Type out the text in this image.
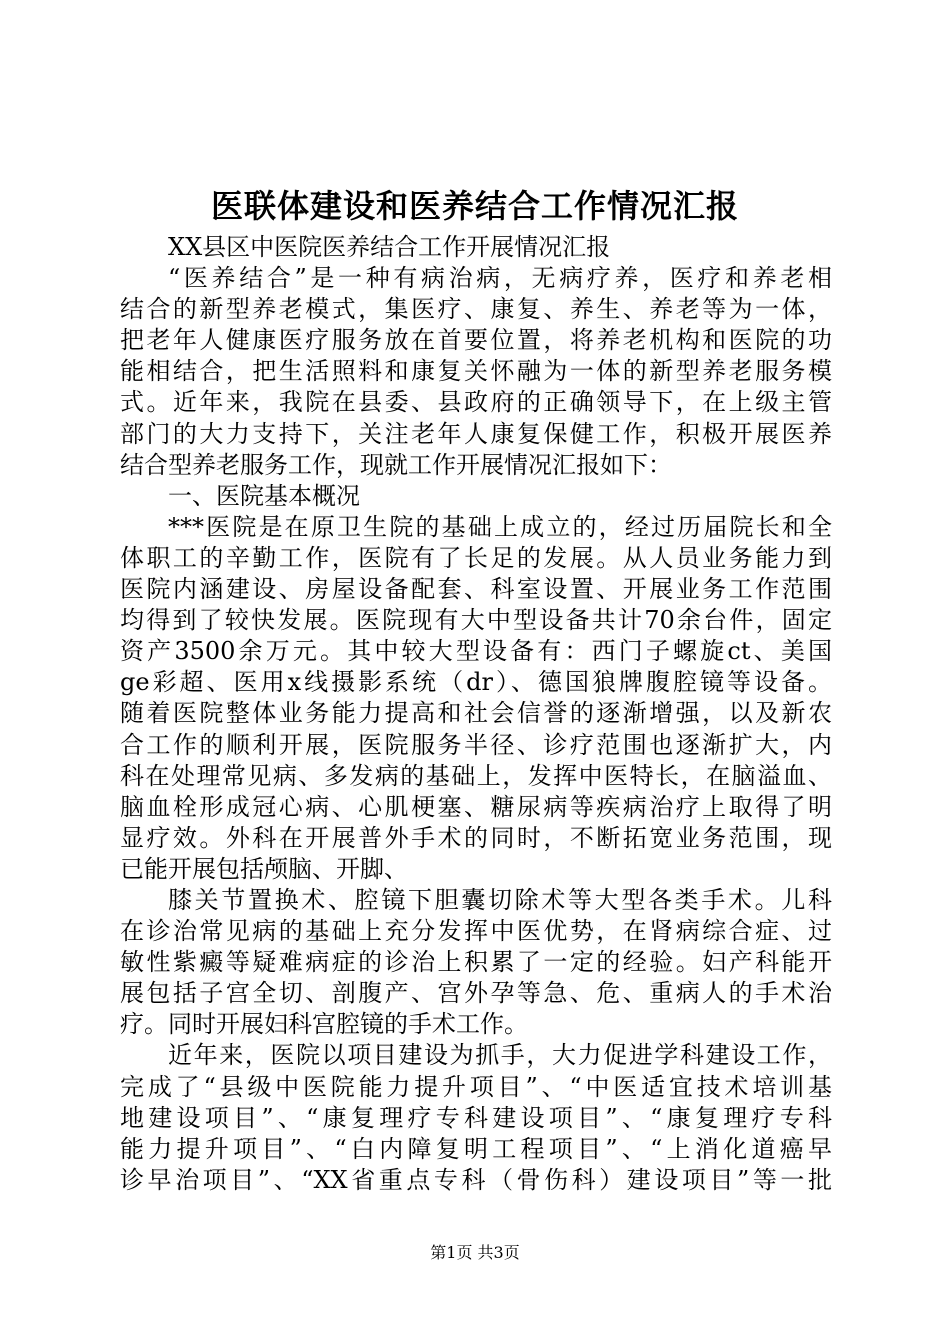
医联体建设和医养结合工作情况汇报
XX县区中医院医养结合工作开展情况汇报
“医养结合”是一种有病治病，无病疗养，医疗和养老相
结合的新型养老模式，集医疗、康复、养生、养老等为一体，
把老年人健康医疗服务放在首要位置，将养老机构和医院的功
能相结合，把生活照料和康复关怀融为一体的新型养老服务模
式。近年来，我院在县委、县政府的正确领导下，在上级主管
部门的大力支持下，关注老年人康复保健工作，积极开展医养
结合型养老服务工作，现就工作开展情况汇报如下：
一、医院基本概况
***医院是在原卫生院的基础上成立的，经过历届院长和全
体职工的辛勤工作，医院有了长足的发展。从人员业务能力到
医院内涵建设、房屋设备配套、科室设置、开展业务工作范围
均得到了较快发展。医院现有大中型设备共计70余台件，固定
资产3500余万元。其中较大型设备有：西门子螺旋ct、美国
ge彩超、医用x线摄影系统（dr）、德国狼牌腹腔镜等设备。
随着医院整体业务能力提高和社会信誉的逐渐增强，以及新农
合工作的顺利开展，医院服务半径、诊疗范围也逐渐扩大，内
科在处理常见病、多发病的基础上，发挥中医特长，在脑溢血、
脑血栓形成冠心病、心肌梗塞、糖尿病等疾病治疗上取得了明
显疗效。外科在开展普外手术的同时，不断拓宽业务范围，现
已能开展包括颅脑、开脚、
膝关节置换术、腔镜下胆囊切除术等大型各类手术。儿科
在诊治常见病的基础上充分发挥中医优势，在肾病综合症、过
敏性紫癜等疑难病症的诊治上积累了一定的经验。妇产科能开
展包括子宫全切、剖腹产、宫外孕等急、危、重病人的手术治
疗。同时开展妇科宫腔镜的手术工作。
近年来，医院以项目建设为抓手，大力促进学科建设工作，
完成了“县级中医院能力提升项目”、“中医适宜技术培训基
地建设项目”、“康复理疗专科建设项目”、“康复理疗专科
能力提升项目”、“白内障复明工程项目”、“上消化道癌早
诊早治项目”、“XX省重点专科（骨伤科）建设项目”等一批
第1页 共3页
